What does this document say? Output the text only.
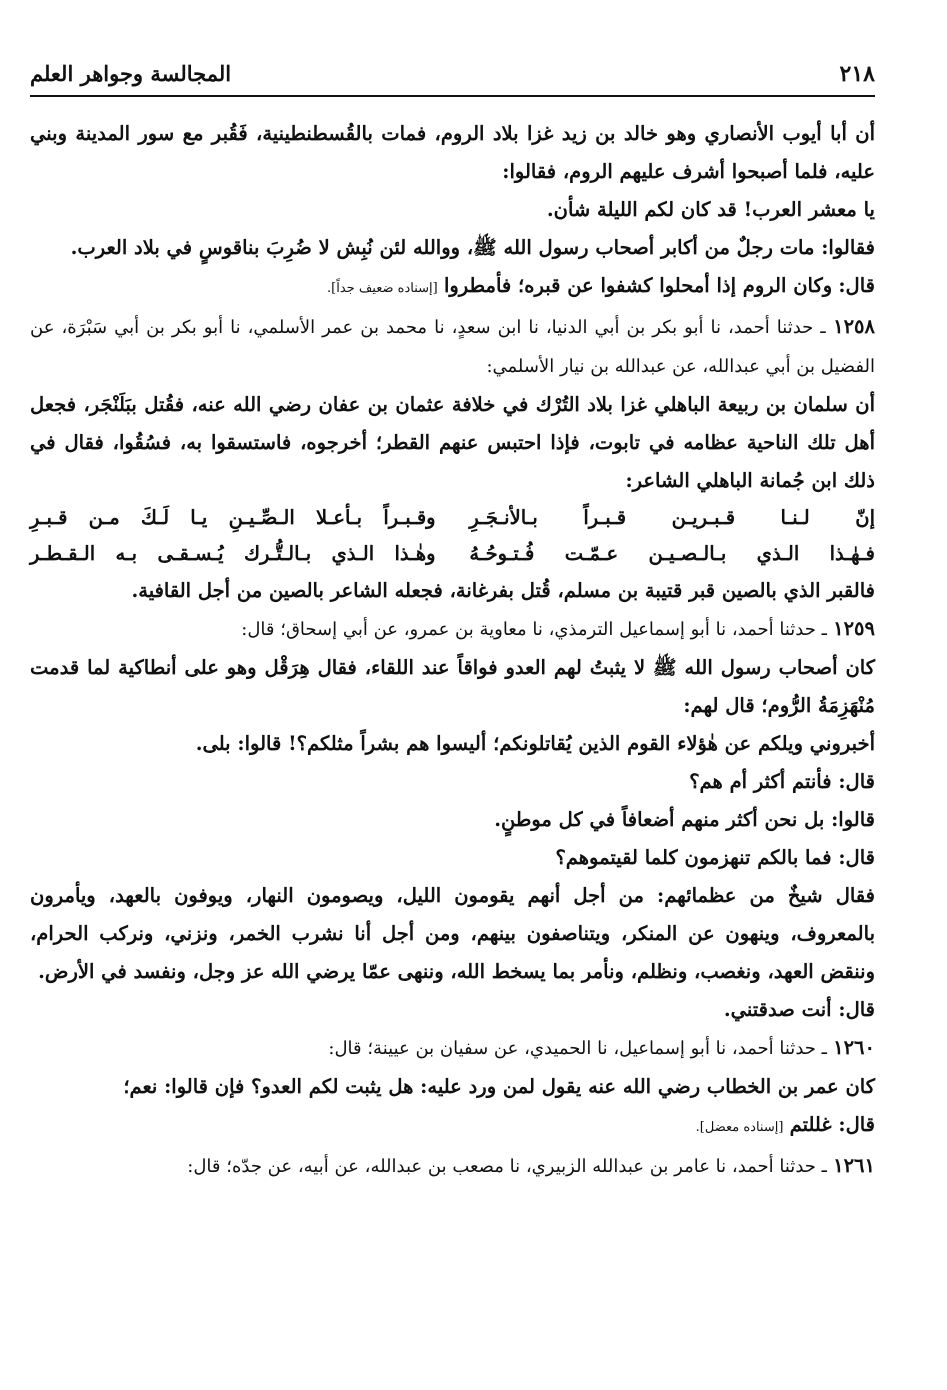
٢١٨
المجالسة وجواهر العلم

أن أبا أيوب الأنصاري وهو خالد بن زيد غزا بلاد الروم، فمات بالقُسطنطينية، فَقُبر مع سور المدينة وبني عليه، فلما أصبحوا أشرف عليهم الروم، فقالوا:

يا معشر العرب! قد كان لكم الليلة شأن.

فقالوا: مات رجلٌ من أكابر أصحاب رسول الله ﷺ، ووالله لئن نُبِش لا ضُرِبَ بناقوسٍ في بلاد العرب.

قال: وكان الروم إذا أمحلوا كشفوا عن قبره؛ فأمطروا [إسناده ضعيف جداً].

١٢٥٨ ـ حدثنا أحمد، نا أبو بكر بن أبي الدنيا، نا ابن سعدٍ، نا محمد بن عمر الأسلمي، نا أبو بكر بن أبي سَبْرَة، عن الفضيل بن أبي عبدالله، عن عبدالله بن نيار الأسلمي:

أن سلمان بن ربيعة الباهلي غزا بلاد التُرْك في خلافة عثمان بن عفان رضي الله عنه، فقُتل ببَلَنْجَر، فجعل أهل تلك الناحية عظامه في تابوت، فإذا احتبس عنهم القطر؛ أخرجوه، فاستسقوا به، فسُقُوا، فقال في ذلك ابن جُمانة الباهلي الشاعر:

إنّ لـنـا قـبـريـن قـبـراً بـالأنـجَـرِ
وقـبـراً بـأعـلا الـصِّـيـنِ يـا لَـكَ مـن قـبـرِ
فـهٰـذا الـذي بـالـصـيـن عـمّـت فُـتـوحُـهُ
وهٰـذا الـذي بـالـتُّـرك يُـسـقـى بـه الـقـطـر

فالقبر الذي بالصين قبر قتيبة بن مسلم، قُتل بفرغانة، فجعله الشاعر بالصين من أجل القافية.

١٢٥٩ ـ حدثنا أحمد، نا أبو إسماعيل الترمذي، نا معاوية بن عمرو، عن أبي إسحاق؛ قال:

كان أصحاب رسول الله ﷺ لا يثبتُ لهم العدو فواقاً عند اللقاء، فقال هِرَقْل وهو على أنطاكية لما قدمت مُنْهَزِمَةُ الرُّوم؛ قال لهم:

أخبروني ويلكم عن هٰؤلاء القوم الذين يُقاتلونكم؛ أليسوا هم بشراً مثلكم؟! قالوا: بلى.

قال: فأنتم أكثر أم هم؟

قالوا: بل نحن أكثر منهم أضعافاً في كل موطنٍ.

قال: فما بالكم تنهزمون كلما لقيتموهم؟

فقال شيخٌ من عظمائهم: من أجل أنهم يقومون الليل، ويصومون النهار، ويوفون بالعهد، ويأمرون بالمعروف، وينهون عن المنكر، ويتناصفون بينهم، ومن أجل أنا نشرب الخمر، ونزني، ونركب الحرام، وننقض العهد، ونغصب، ونظلم، ونأمر بما يسخط الله، وننهى عمّا يرضي الله عز وجل، ونفسد في الأرض.

قال: أنت صدقتني.

١٢٦٠ ـ حدثنا أحمد، نا أبو إسماعيل، نا الحميدي، عن سفيان بن عيينة؛ قال:

كان عمر بن الخطاب رضي الله عنه يقول لمن ورد عليه: هل يثبت لكم العدو؟ فإن قالوا: نعم؛

قال: غللتم [إسناده معضل].

١٢٦١ ـ حدثنا أحمد، نا عامر بن عبدالله الزبيري، نا مصعب بن عبدالله، عن أبيه، عن جدّه؛ قال:
